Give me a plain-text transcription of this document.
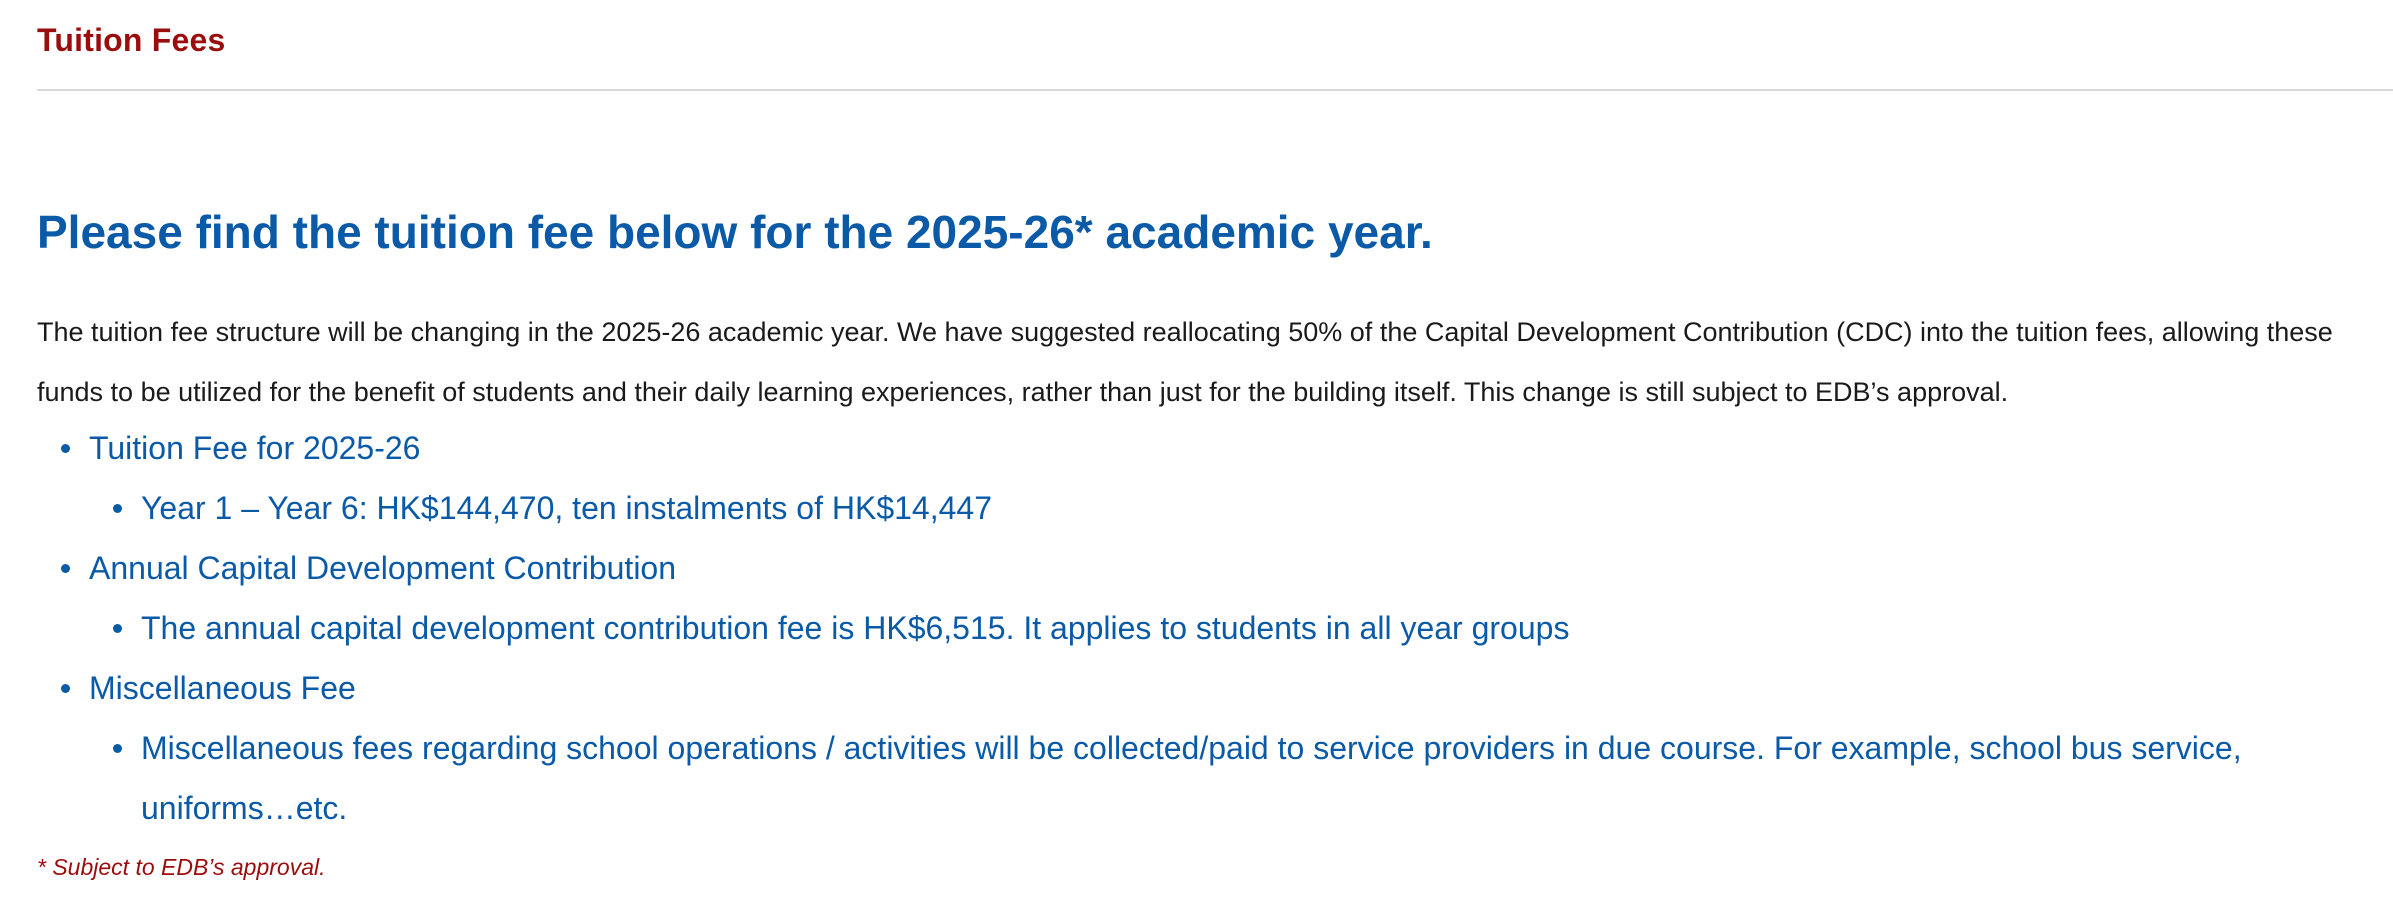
Tuition Fees
Please find the tuition fee below for the 2025-26* academic year.

The tuition fee structure will be changing in the 2025-26 academic year. We have suggested reallocating 50% of the Capital Development Contribution (CDC) into the tuition fees, allowing these funds to be utilized for the benefit of students and their daily learning experiences, rather than just for the building itself. This change is still subject to EDB’s approval.

Tuition Fee for 2025-26
Year 1 – Year 6: HK$144,470, ten instalments of HK$14,447
Annual Capital Development Contribution
The annual capital development contribution fee is HK$6,515. It applies to students in all year groups
Miscellaneous Fee
Miscellaneous fees regarding school operations / activities will be collected/paid to service providers in due course. For example, school bus service, uniforms…etc.

* Subject to EDB’s approval.
